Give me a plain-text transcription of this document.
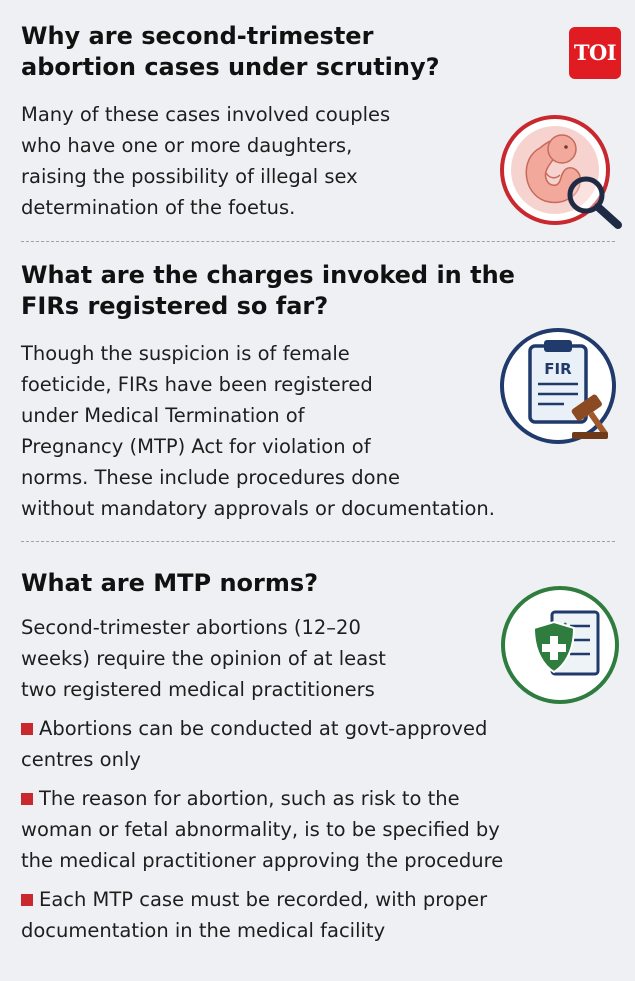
TOI
Why are second-trimester
abortion cases under scrutiny?

Many of these cases involved couples
who have one or more daughters,
raising the possibility of illegal sex
determination of the foetus.

What are the charges invoked in the
FIRs registered so far?

Though the suspicion is of female
foeticide, FIRs have been registered
under Medical Termination of
Pregnancy (MTP) Act for violation of
norms. These include procedures done
without mandatory approvals or documentation.

FIR
What are MTP norms?

Second-trimester abortions (12–20
weeks) require the opinion of at least
two registered medical practitioners

Abortions can be conducted at govt-approved
centres only

The reason for abortion, such as risk to the
woman or fetal abnormality, is to be specified by
the medical practitioner approving the procedure

Each MTP case must be recorded, with proper
documentation in the medical facility
